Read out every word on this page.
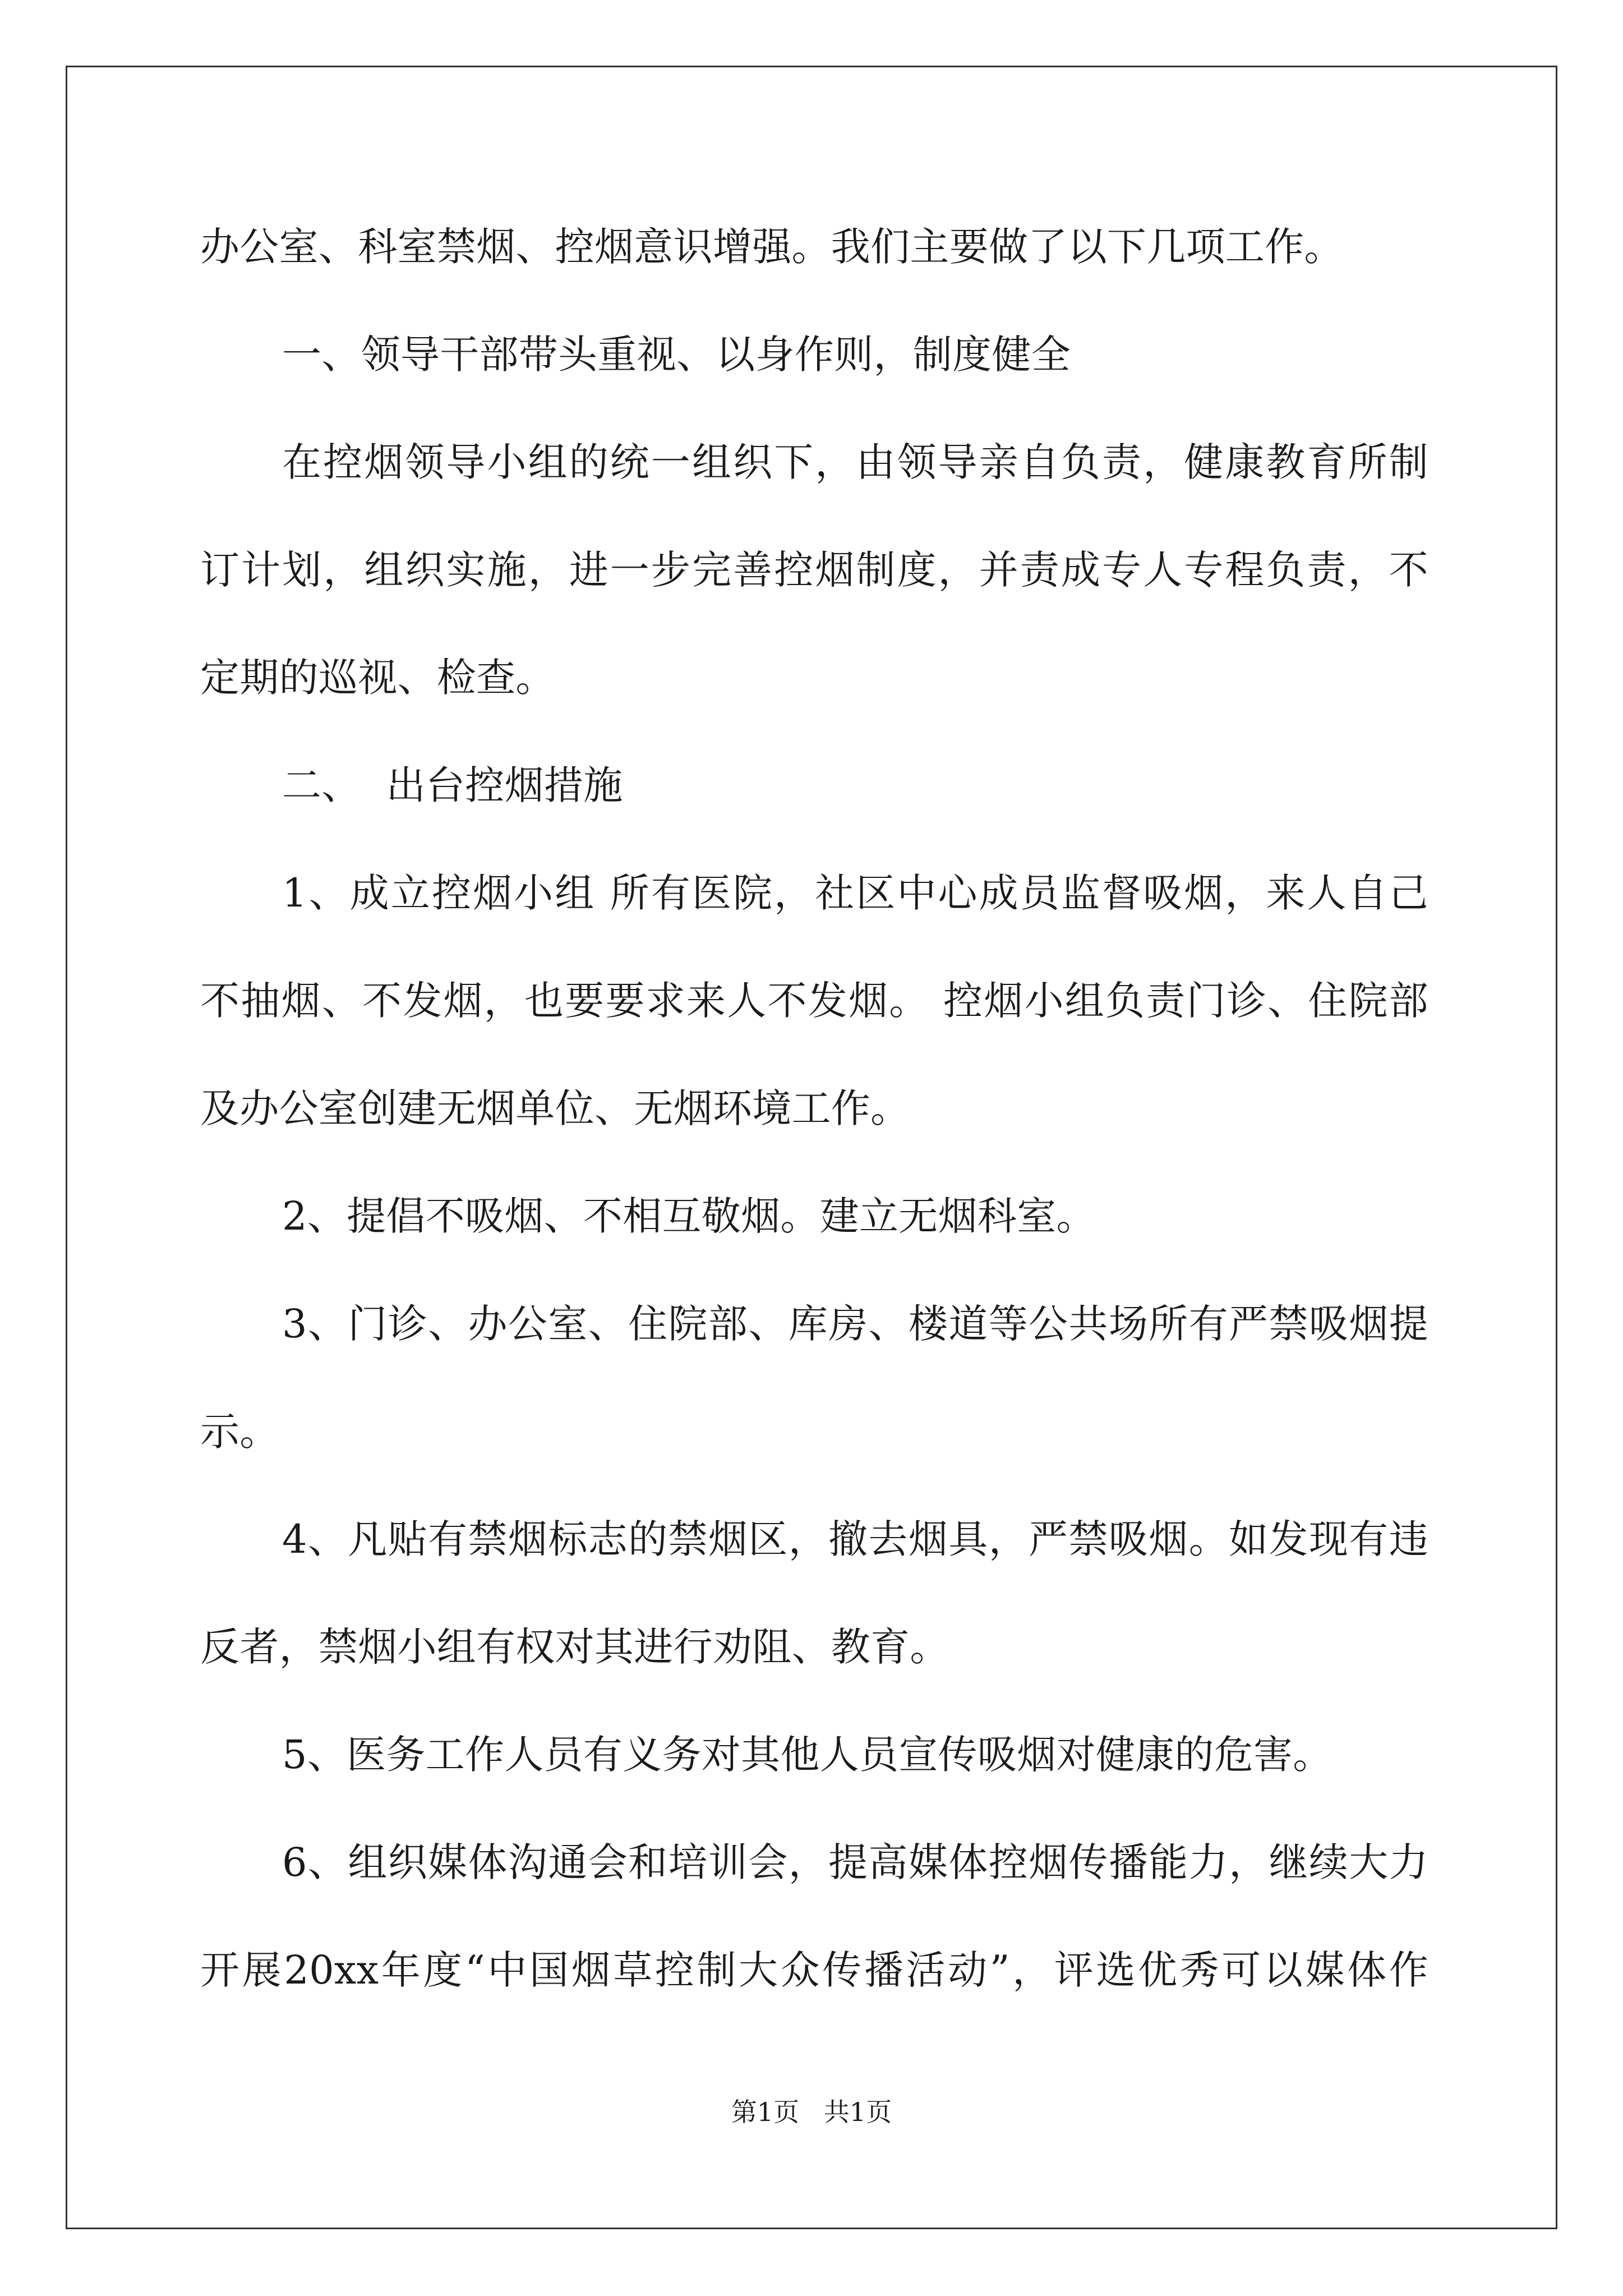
办公室、科室禁烟、控烟意识增强。我们主要做了以下几项工作。
一、领导干部带头重视、以身作则，制度健全
在控烟领导小组的统一组织下，由领导亲自负责，健康教育所制
订计划，组织实施，进一步完善控烟制度，并责成专人专程负责，不
定期的巡视、检查。
二、  出台控烟措施
1、成立控烟小组 所有医院，社区中心成员监督吸烟，来人自己
不抽烟、不发烟，也要要求来人不发烟。 控烟小组负责门诊、住院部
及办公室创建无烟单位、无烟环境工作。
2、提倡不吸烟、不相互敬烟。建立无烟科室。
3、门诊、办公室、住院部、库房、楼道等公共场所有严禁吸烟提
示。
4、凡贴有禁烟标志的禁烟区，撤去烟具，严禁吸烟。如发现有违
反者，禁烟小组有权对其进行劝阻、教育。
5、医务工作人员有义务对其他人员宣传吸烟对健康的危害。
6、组织媒体沟通会和培训会，提高媒体控烟传播能力，继续大力
开展20xx年度“中国烟草控制大众传播活动”，评选优秀可以媒体作
第1页   共1页
